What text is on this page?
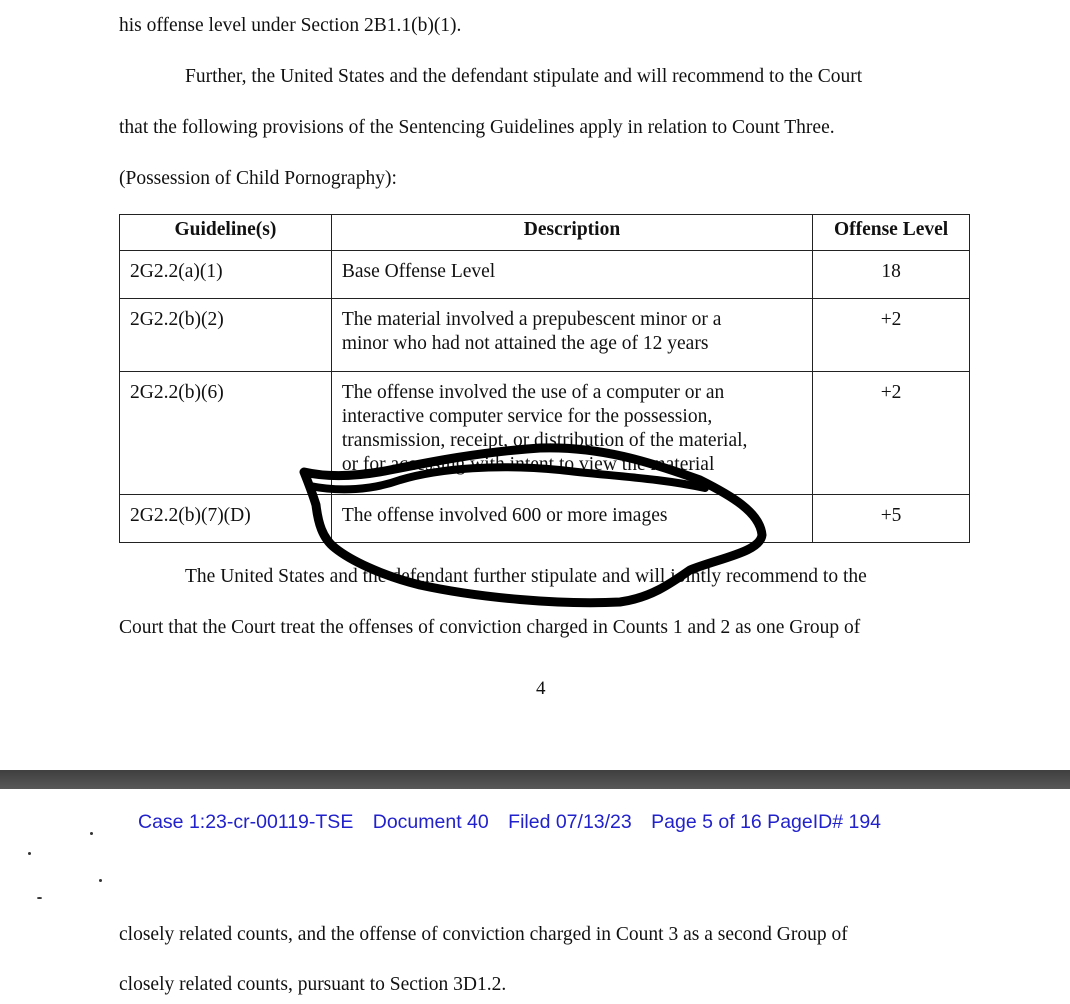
his offense level under Section 2B1.1(b)(1).
Further, the United States and the defendant stipulate and will recommend to the Court
that the following provisions of the Sentencing Guidelines apply in relation to Count Three.
(Possession of Child Pornography):
Guideline(s)	Description	Offense Level
2G2.2(a)(1)	Base Offense Level	18
2G2.2(b)(2)	The material involved a prepubescent minor or a
minor who had not attained the age of 12 years	+2
2G2.2(b)(6)	The offense involved the use of a computer or an
interactive computer service for the possession,
transmission, receipt, or distribution of the material,
or for accessing with intent to view the material	+2
2G2.2(b)(7)(D)	The offense involved 600 or more images	+5
The United States and the defendant further stipulate and will jointly recommend to the
Court that the Court treat the offenses of conviction charged in Counts 1 and 2 as one Group of
4
Case 1:23-cr-00119-TSE Document 40 Filed 07/13/23 Page 5 of 16 PageID# 194
closely related counts, and the offense of conviction charged in Count 3 as a second Group of
closely related counts, pursuant to Section 3D1.2.
